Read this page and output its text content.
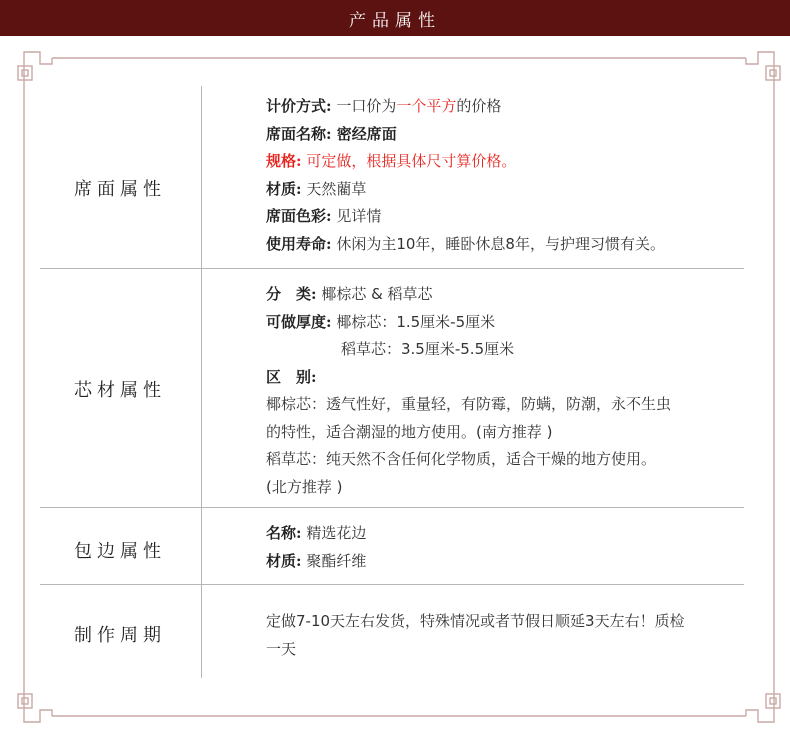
产品属性
席面属性
计价方式: 一口价为一个平方的价格
席面名称: 密经席面
规格: 可定做，根据具体尺寸算价格。
材质: 天然藺草
席面色彩: 见详情
使用寿命: 休闲为主10年，睡卧休息8年，与护理习惯有关。
芯材属性
分　类: 椰棕芯 & 稻草芯
可做厚度: 椰棕芯：1.5厘米-5厘米
稻草芯：3.5厘米-5.5厘米
区　别:
椰棕芯：透气性好，重量轻，有防霉，防螨，防潮，永不生虫
的特性，适合潮湿的地方使用。(南方推荐 )
稻草芯：纯天然不含任何化学物质，适合干燥的地方使用。
(北方推荐 )
包边属性
名称: 精选花边
材质: 聚酯纤维
制作周期
定做7-10天左右发货，特殊情况或者节假日顺延3天左右！质检
一天
